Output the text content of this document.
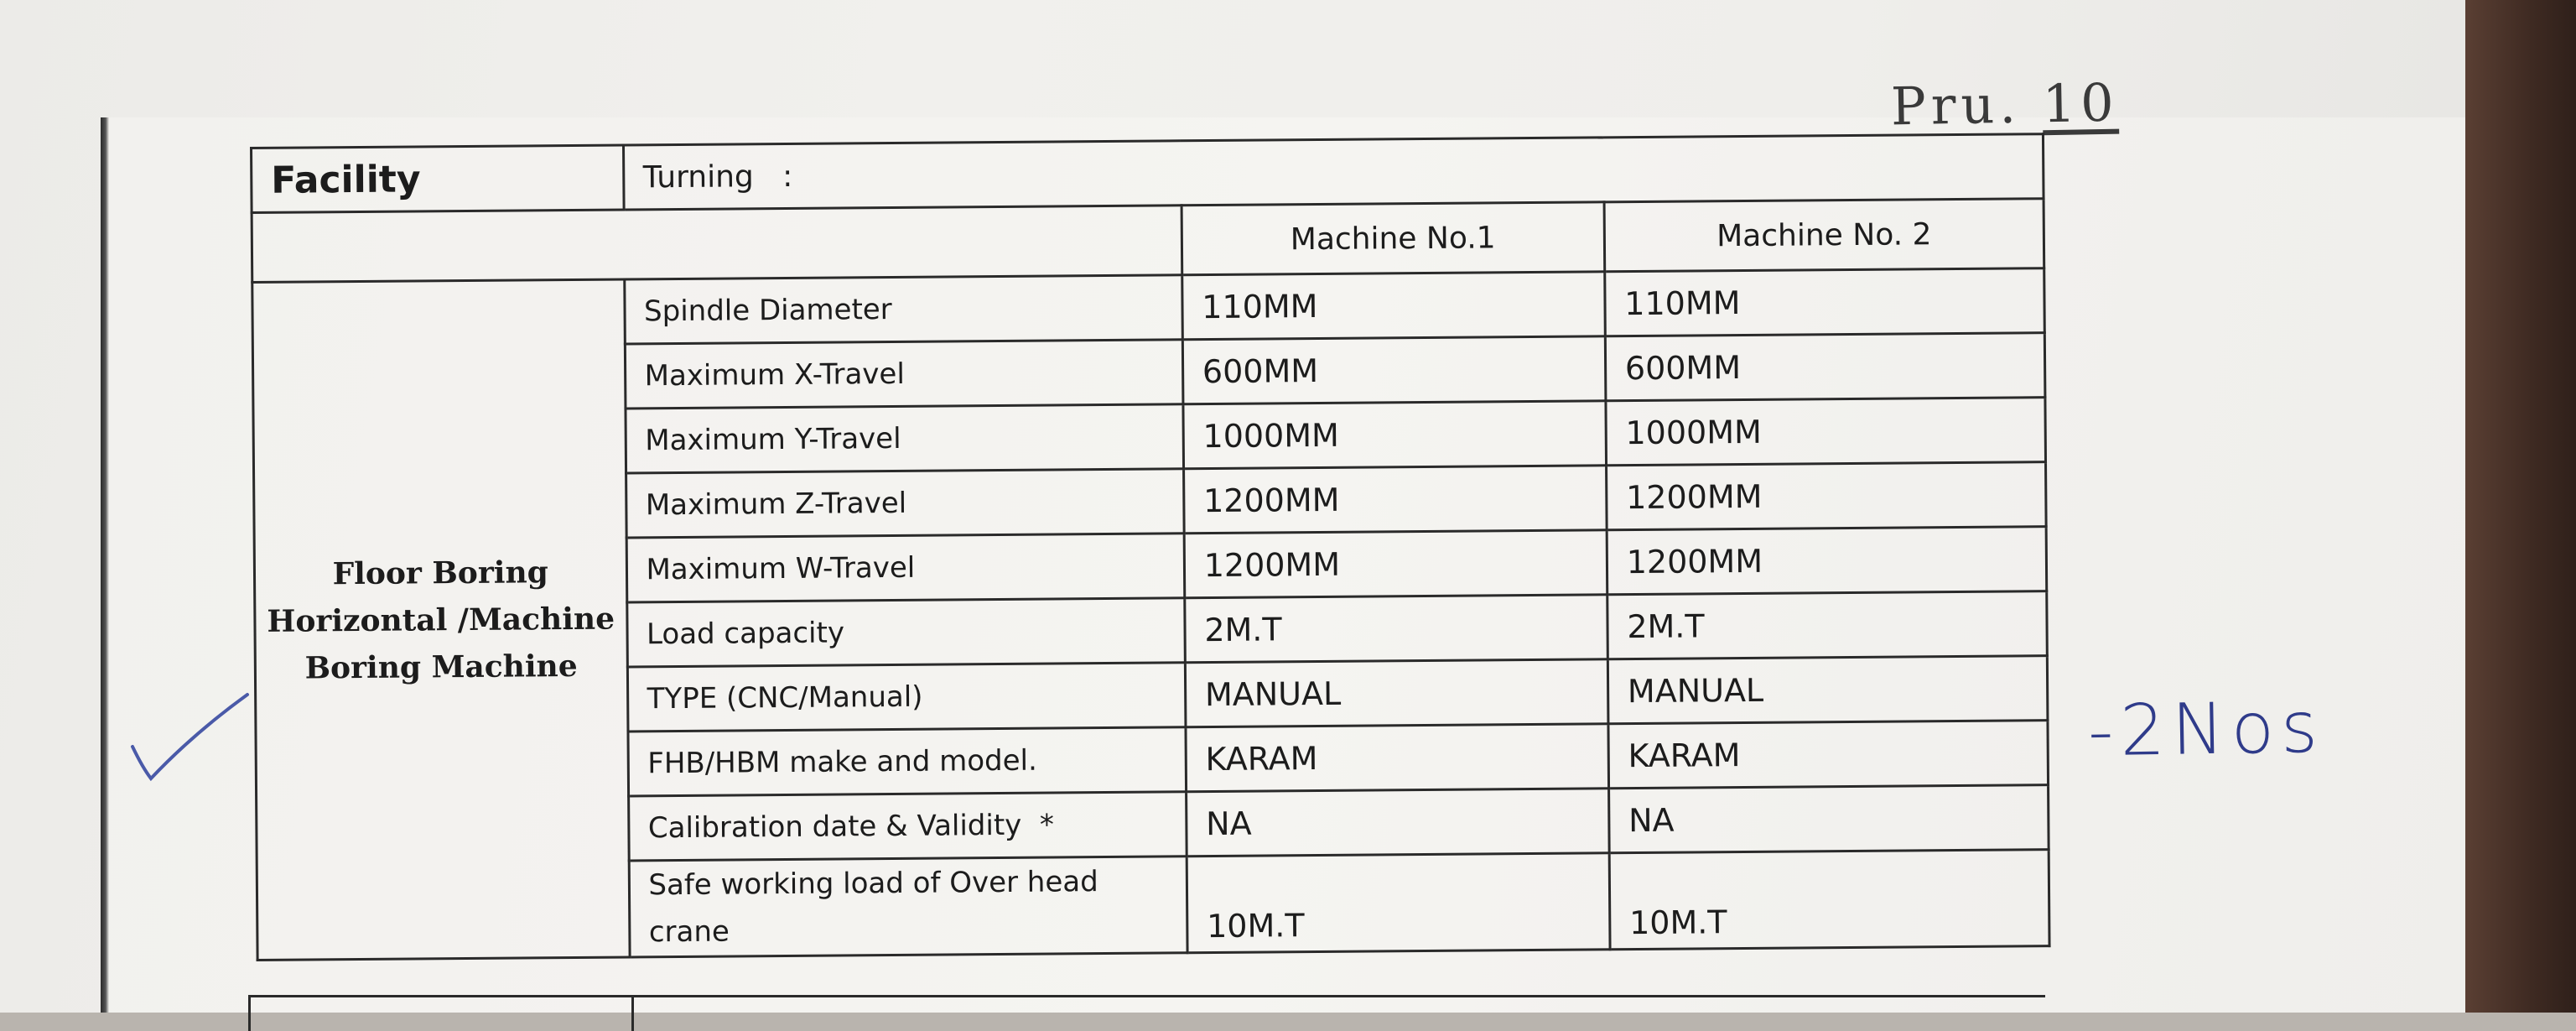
Pru. 10
-2Nos
Facility	Turning   :		
		Machine No.1	Machine No. 2
Floor Boring Horizontal /Machine Boring Machine	Spindle Diameter	110MM	110MM
	Maximum X-Travel	600MM	600MM
	Maximum Y-Travel	1000MM	1000MM
	Maximum Z-Travel	1200MM	1200MM
	Maximum W-Travel	1200MM	1200MM
	Load capacity	2M.T	2M.T
	TYPE (CNC/Manual)	MANUAL	MANUAL
	FHB/HBM make and model.	KARAM	KARAM
	Calibration date & Validity  *	NA	NA
	Safe working load of Over head crane	10M.T	10M.T
